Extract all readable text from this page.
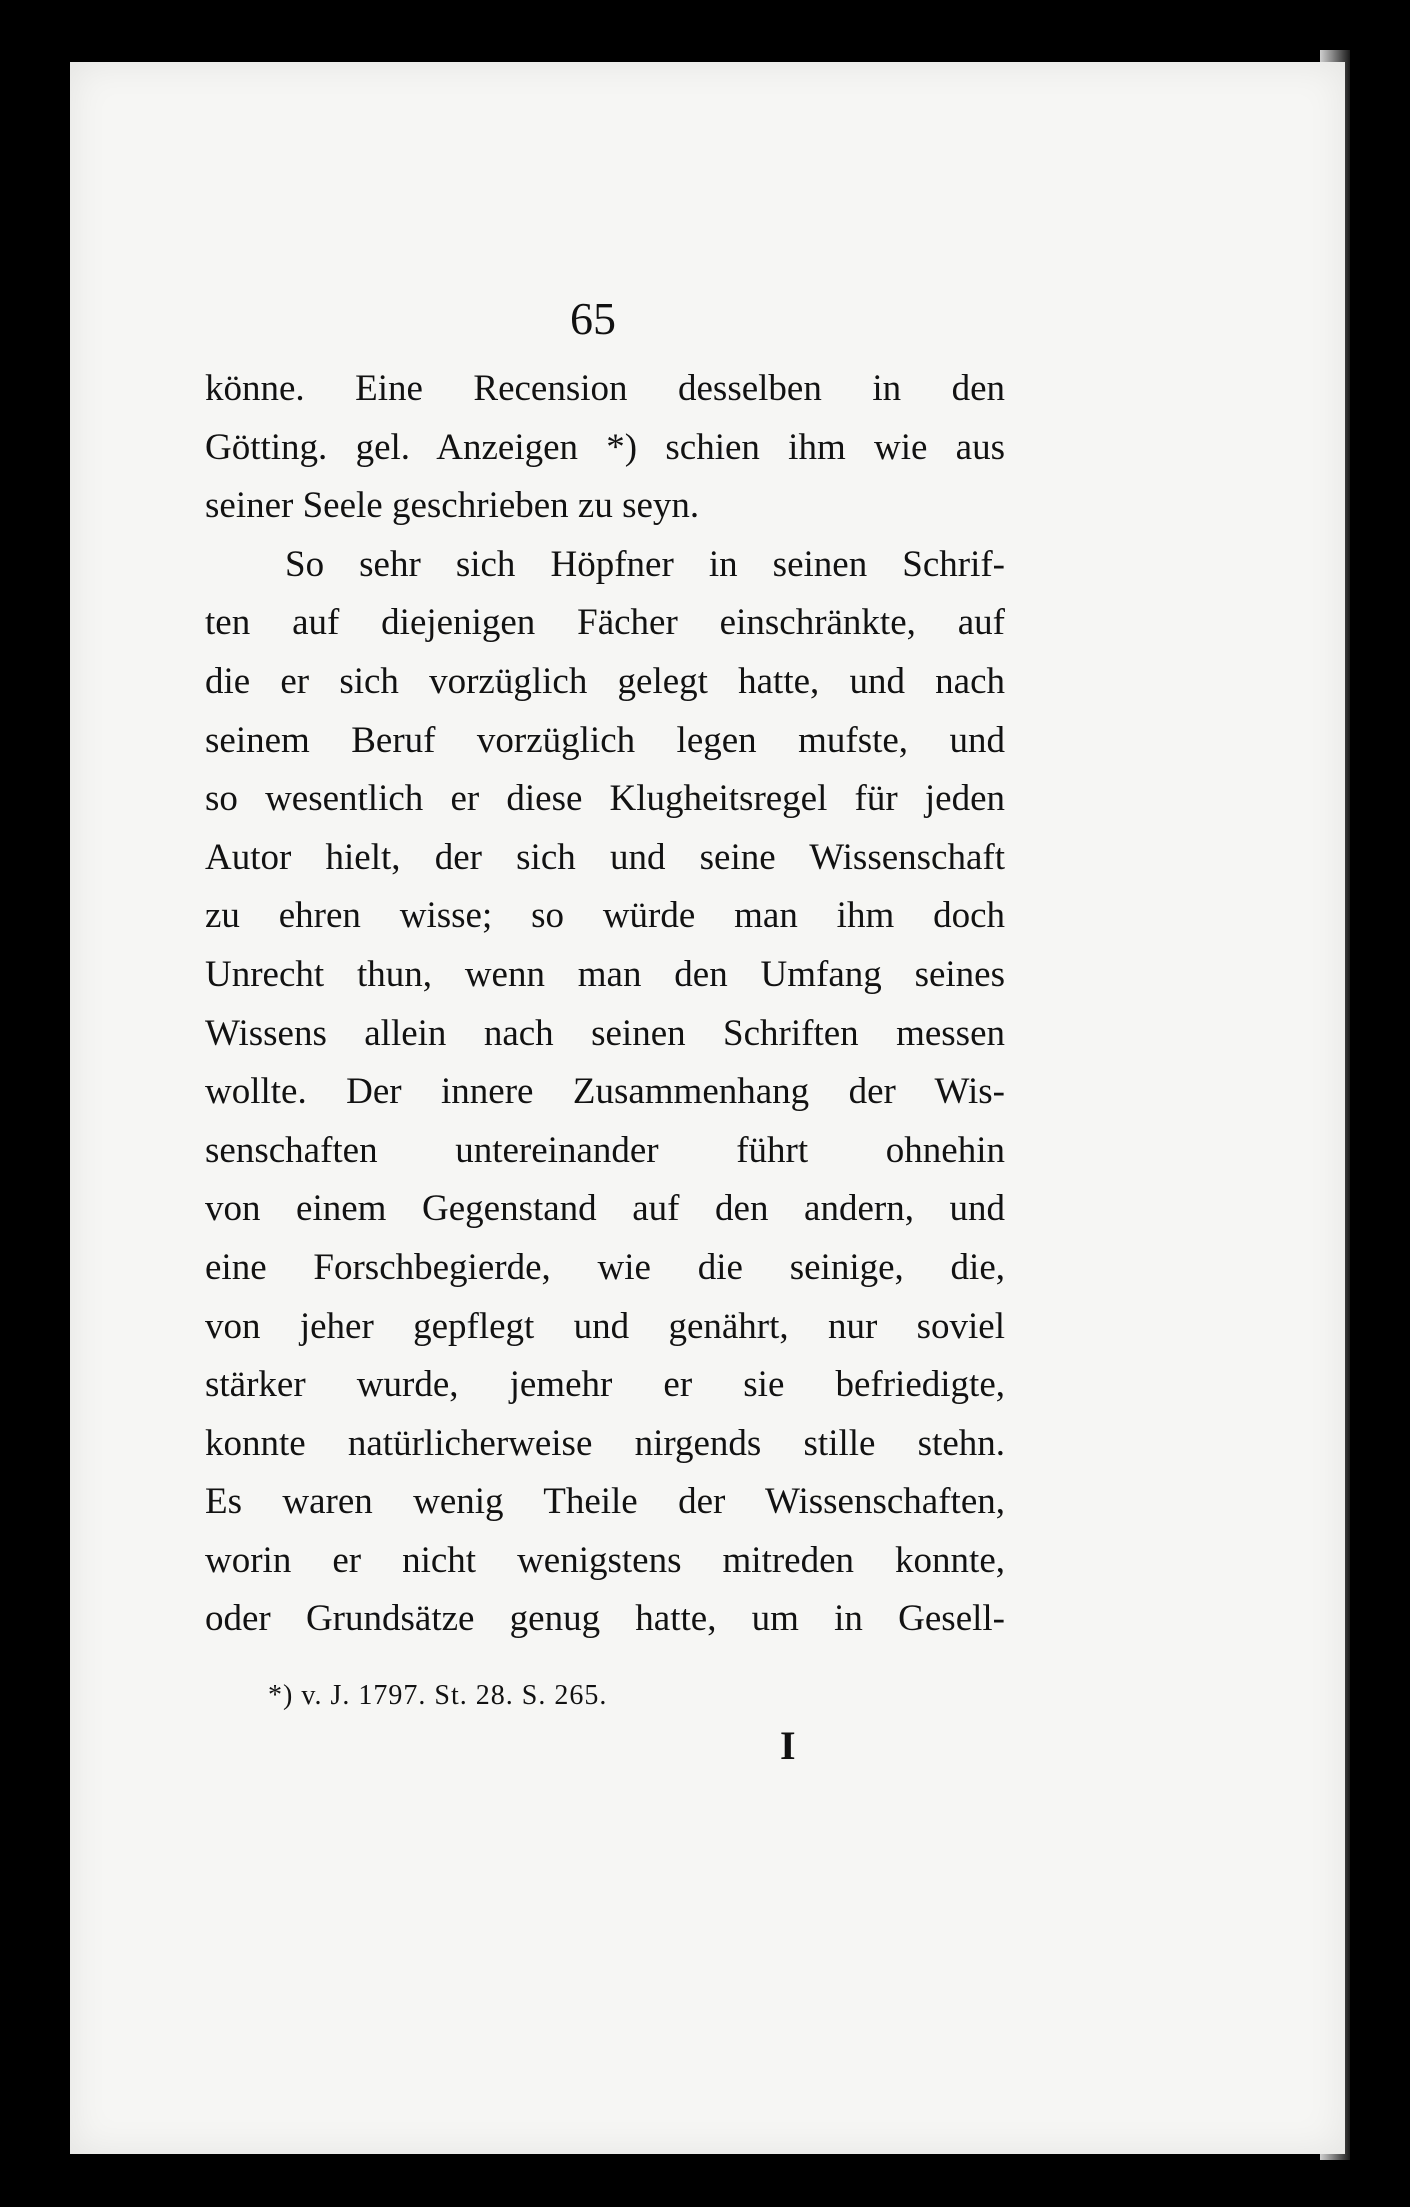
65
könne. Eine Recension desselben in den
Götting. gel. Anzeigen *) schien ihm wie aus
seiner Seele geschrieben zu seyn.
So sehr sich Höpfner in seinen Schrif-
ten auf diejenigen Fächer einschränkte, auf
die er sich vorzüglich gelegt hatte, und nach
seinem Beruf vorzüglich legen mufste, und
so wesentlich er diese Klugheitsregel für jeden
Autor hielt, der sich und seine Wissenschaft
zu ehren wisse; so würde man ihm doch
Unrecht thun, wenn man den Umfang seines
Wissens allein nach seinen Schriften messen
wollte. Der innere Zusammenhang der Wis-
senschaften untereinander führt ohnehin
von einem Gegenstand auf den andern, und
eine Forschbegierde, wie die seinige, die,
von jeher gepflegt und genährt, nur soviel
stärker wurde, jemehr er sie befriedigte,
konnte natürlicherweise nirgends stille stehn.
Es waren wenig Theile der Wissenschaften,
worin er nicht wenigstens mitreden konnte,
oder Grundsätze genug hatte, um in Gesell-
*) v. J. 1797. St. 28. S. 265.
I
